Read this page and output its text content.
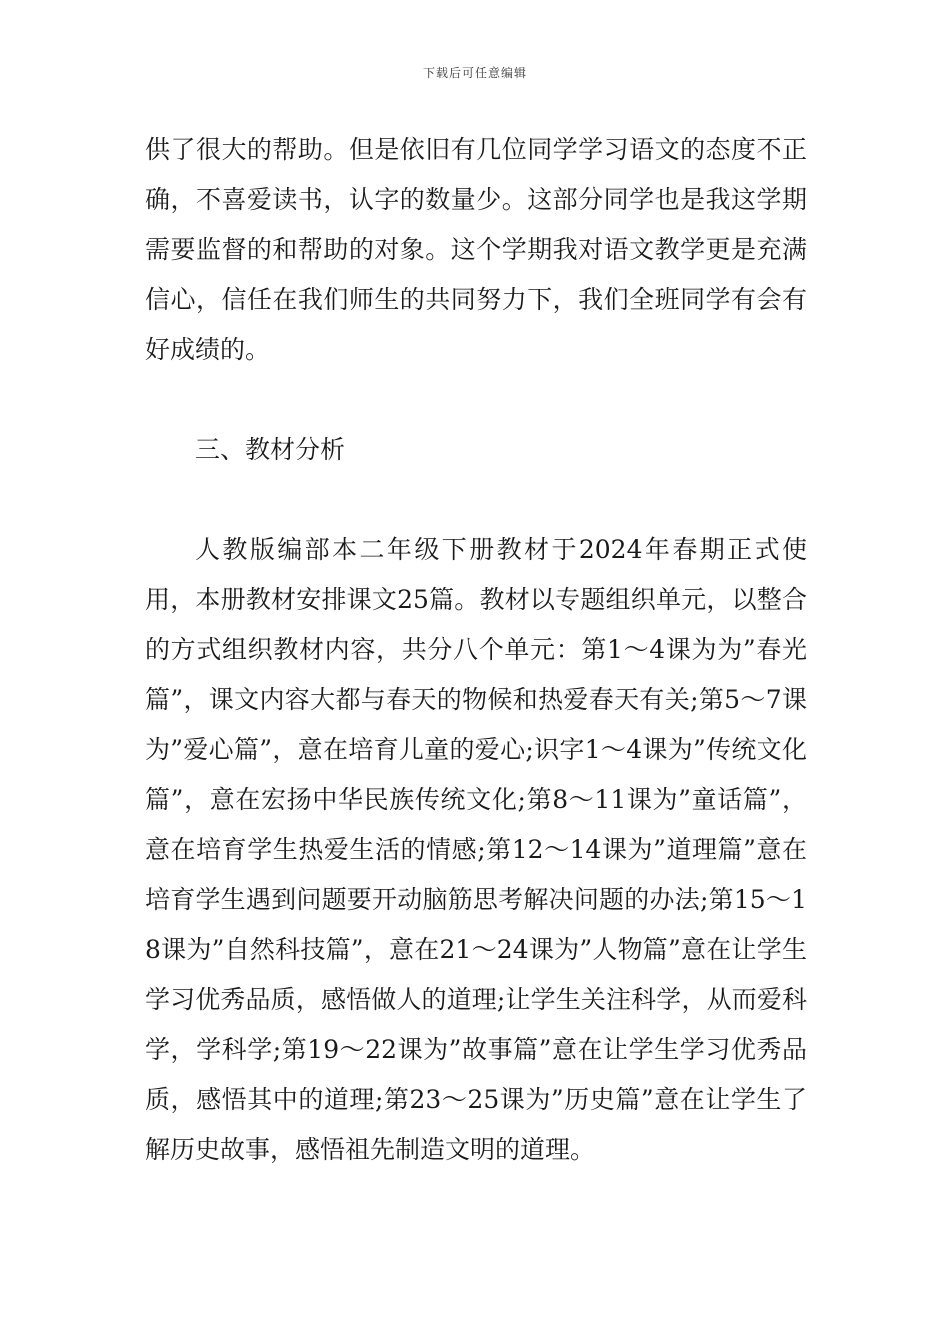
下载后可任意编辑

供了很大的帮助。但是依旧有几位同学学习语文的态度不正确，不喜爱读书，认字的数量少。这部分同学也是我这学期需要监督的和帮助的对象。这个学期我对语文教学更是充满信心，信任在我们师生的共同努力下，我们全班同学有会有好成绩的。

三、教材分析

人教版编部本二年级下册教材于2024年春期正式使用，本册教材安排课文25篇。教材以专题组织单元，以整合的方式组织教材内容，共分八个单元：第1～4课为为”春光篇”，课文内容大都与春天的物候和热爱春天有关;第5～7课为”爱心篇”，意在培育儿童的爱心;识字1～4课为”传统文化篇”，意在宏扬中华民族传统文化;第8～11课为”童话篇”，意在培育学生热爱生活的情感;第12～14课为”道理篇”意在培育学生遇到问题要开动脑筋思考解决问题的办法;第15～18课为”自然科技篇”，意在21～24课为”人物篇”意在让学生学习优秀品质，感悟做人的道理;让学生关注科学，从而爱科学，学科学;第19～22课为”故事篇”意在让学生学习优秀品质，感悟其中的道理;第23～25课为”历史篇”意在让学生了解历史故事，感悟祖先制造文明的道理。
